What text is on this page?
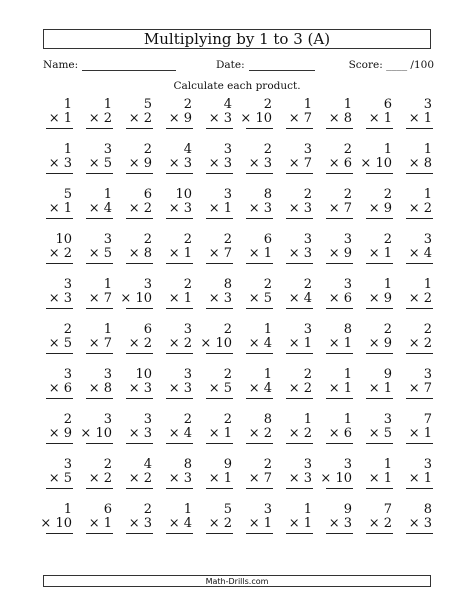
Multiplying by 1 to 3 (A)
Name:	Date:	Score: ____ /100
Calculate each product.
1
× 1
1
× 2
5
× 2
2
× 9
4
× 3
2
× 10
1
× 7
1
× 8
6
× 1
3
× 1
1
× 3
3
× 5
2
× 9
4
× 3
3
× 3
2
× 3
3
× 7
2
× 6
1
× 10
1
× 8
5
× 1
1
× 4
6
× 2
10
× 3
3
× 1
8
× 3
2
× 3
2
× 7
2
× 9
1
× 2
10
× 2
3
× 5
2
× 8
2
× 1
2
× 7
6
× 1
3
× 3
3
× 9
2
× 1
3
× 4
3
× 3
1
× 7
3
× 10
2
× 1
8
× 3
2
× 5
2
× 4
3
× 6
1
× 9
1
× 2
2
× 5
1
× 7
6
× 2
3
× 2
2
× 10
1
× 4
3
× 1
8
× 1
2
× 9
2
× 2
3
× 6
3
× 8
10
× 3
3
× 3
2
× 5
1
× 4
2
× 2
1
× 1
9
× 1
3
× 7
2
× 9
3
× 10
3
× 3
2
× 4
2
× 1
8
× 2
1
× 2
1
× 6
3
× 5
7
× 1
3
× 5
2
× 2
4
× 2
8
× 3
9
× 1
2
× 7
3
× 3
3
× 10
1
× 1
3
× 1
1
× 10
6
× 1
2
× 3
1
× 4
5
× 2
3
× 1
1
× 1
9
× 3
7
× 2
8
× 3
Math-Drills.com
